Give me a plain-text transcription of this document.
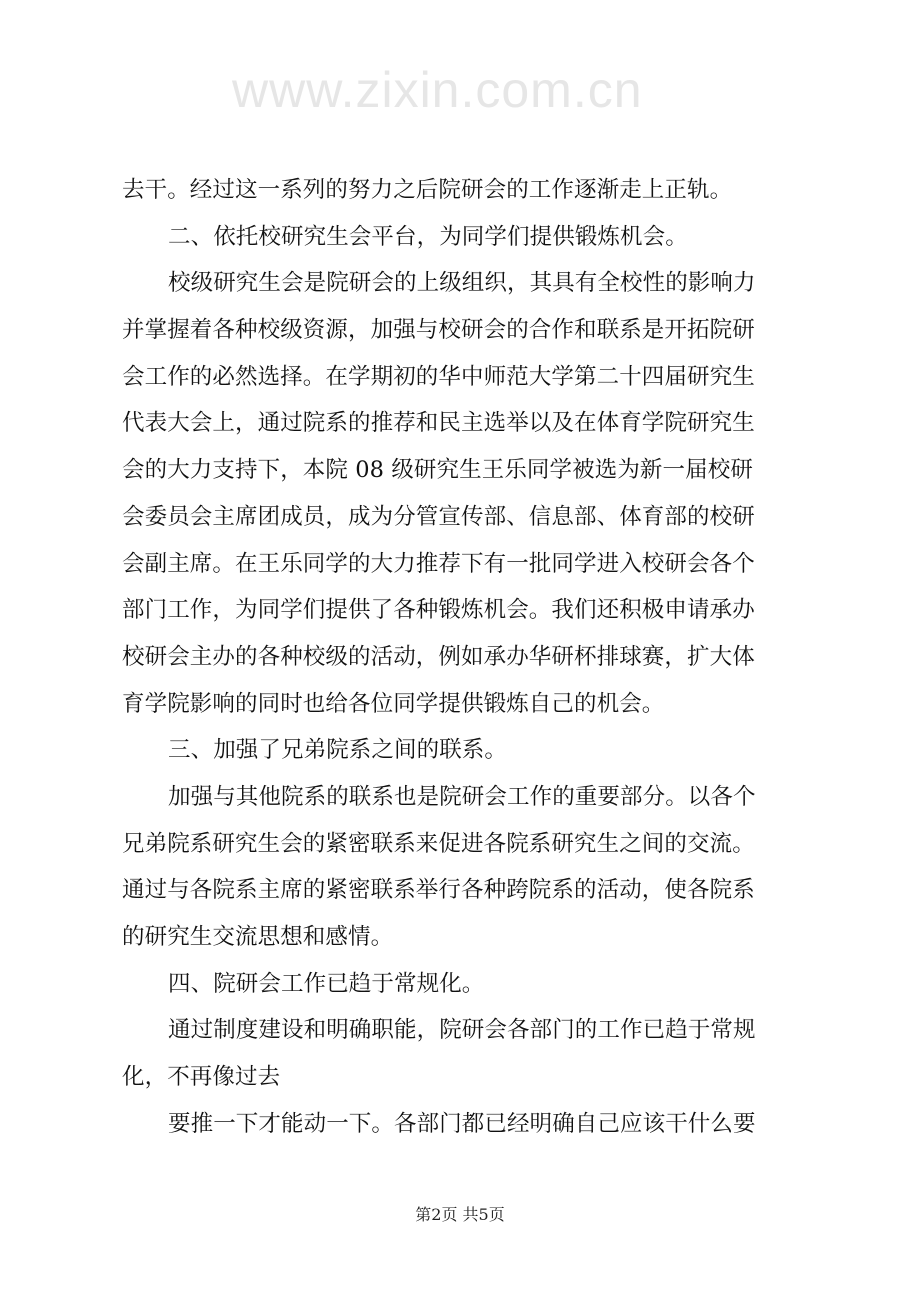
www.zixin.com.cn
去干。经过这一系列的努力之后院研会的工作逐渐走上正轨。
二、依托校研究生会平台，为同学们提供锻炼机会。
校级研究生会是院研会的上级组织，其具有全校性的影响力
并掌握着各种校级资源，加强与校研会的合作和联系是开拓院研
会工作的必然选择。在学期初的华中师范大学第二十四届研究生
代表大会上，通过院系的推荐和民主选举以及在体育学院研究生
会的大力支持下，本院 08 级研究生王乐同学被选为新一届校研
会委员会主席团成员，成为分管宣传部、信息部、体育部的校研
会副主席。在王乐同学的大力推荐下有一批同学进入校研会各个
部门工作，为同学们提供了各种锻炼机会。我们还积极申请承办
校研会主办的各种校级的活动，例如承办华研杯排球赛，扩大体
育学院影响的同时也给各位同学提供锻炼自己的机会。
三、加强了兄弟院系之间的联系。
加强与其他院系的联系也是院研会工作的重要部分。以各个
兄弟院系研究生会的紧密联系来促进各院系研究生之间的交流。
通过与各院系主席的紧密联系举行各种跨院系的活动，使各院系
的研究生交流思想和感情。
四、院研会工作已趋于常规化。
通过制度建设和明确职能，院研会各部门的工作已趋于常规
化，不再像过去
要推一下才能动一下。各部门都已经明确自己应该干什么要
第2页 共5页
